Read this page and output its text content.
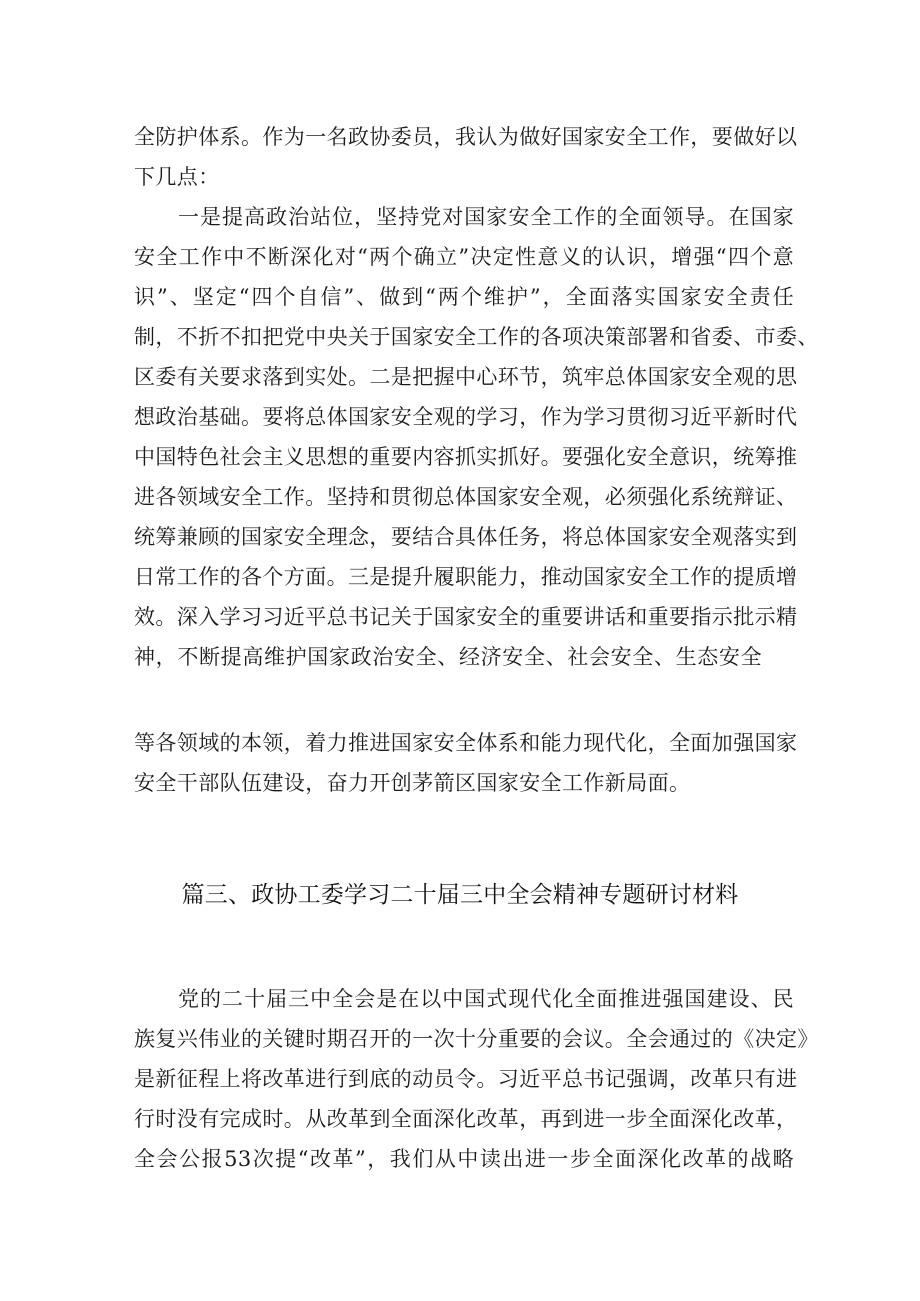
全防护体系。作为一名政协委员，我认为做好国家安全工作，要做好以
下几点：
一是提高政治站位，坚持党对国家安全工作的全面领导。在国家
安全工作中不断深化对“两个确立”决定性意义的认识，增强“四个意
识”、坚定“四个自信”、做到“两个维护”，全面落实国家安全责任
制，不折不扣把党中央关于国家安全工作的各项决策部署和省委、市委、
区委有关要求落到实处。二是把握中心环节，筑牢总体国家安全观的思
想政治基础。要将总体国家安全观的学习，作为学习贯彻习近平新时代
中国特色社会主义思想的重要内容抓实抓好。要强化安全意识，统筹推
进各领域安全工作。坚持和贯彻总体国家安全观，必须强化系统辩证、
统筹兼顾的国家安全理念，要结合具体任务，将总体国家安全观落实到
日常工作的各个方面。三是提升履职能力，推动国家安全工作的提质增
效。深入学习习近平总书记关于国家安全的重要讲话和重要指示批示精
神，不断提高维护国家政治安全、经济安全、社会安全、生态安全
等各领域的本领，着力推进国家安全体系和能力现代化，全面加强国家
安全干部队伍建设，奋力开创茅箭区国家安全工作新局面。
篇三、政协工委学习二十届三中全会精神专题研讨材料
党的二十届三中全会是在以中国式现代化全面推进强国建设、民
族复兴伟业的关键时期召开的一次十分重要的会议。全会通过的《决定》
是新征程上将改革进行到底的动员令。习近平总书记强调，改革只有进
行时没有完成时。从改革到全面深化改革，再到进一步全面深化改革，
全会公报53次提“改革”，我们从中读出进一步全面深化改革的战略
